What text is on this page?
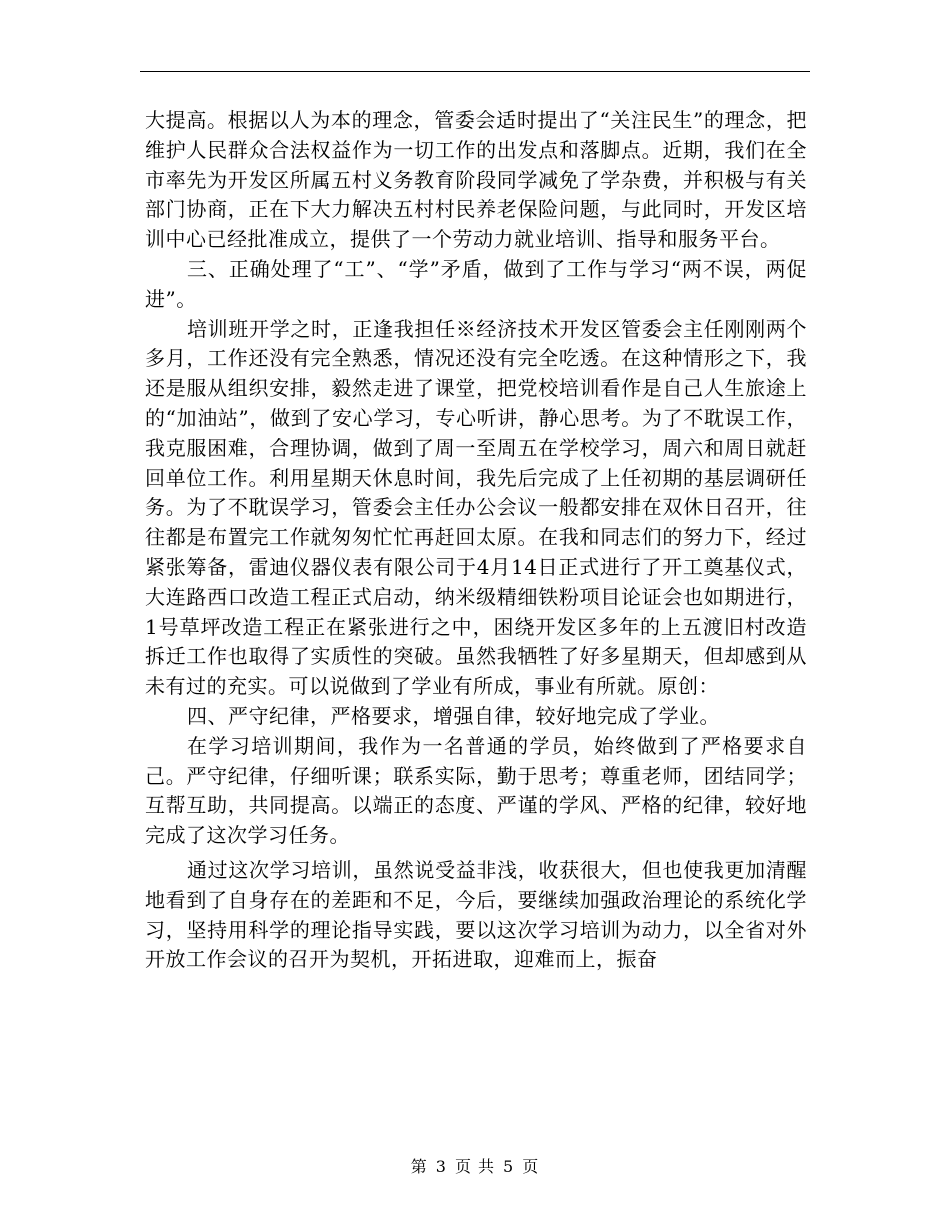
大提高。根据以人为本的理念，管委会适时提出了“关注民生”的理念，把维护人民群众合法权益作为一切工作的出发点和落脚点。近期，我们在全市率先为开发区所属五村义务教育阶段同学减免了学杂费，并积极与有关部门协商，正在下大力解决五村村民养老保险问题，与此同时，开发区培训中心已经批准成立，提供了一个劳动力就业培训、指导和服务平台。

三、正确处理了“工”、“学”矛盾，做到了工作与学习“两不误，两促进”。

培训班开学之时，正逢我担任※经济技术开发区管委会主任刚刚两个多月，工作还没有完全熟悉，情况还没有完全吃透。在这种情形之下，我还是服从组织安排，毅然走进了课堂，把党校培训看作是自己人生旅途上的“加油站”，做到了安心学习，专心听讲，静心思考。为了不耽误工作，我克服困难，合理协调，做到了周一至周五在学校学习，周六和周日就赶回单位工作。利用星期天休息时间，我先后完成了上任初期的基层调研任务。为了不耽误学习，管委会主任办公会议一般都安排在双休日召开，往往都是布置完工作就匆匆忙忙再赶回太原。在我和同志们的努力下，经过紧张筹备，雷迪仪器仪表有限公司于4月14日正式进行了开工奠基仪式，大连路西口改造工程正式启动，纳米级精细铁粉项目论证会也如期进行，1号草坪改造工程正在紧张进行之中，困绕开发区多年的上五渡旧村改造拆迁工作也取得了实质性的突破。虽然我牺牲了好多星期天，但却感到从未有过的充实。可以说做到了学业有所成，事业有所就。原创：

四、严守纪律，严格要求，增强自律，较好地完成了学业。

在学习培训期间，我作为一名普通的学员，始终做到了严格要求自己。严守纪律，仔细听课；联系实际，勤于思考；尊重老师，团结同学；互帮互助，共同提高。以端正的态度、严谨的学风、严格的纪律，较好地完成了这次学习任务。

通过这次学习培训，虽然说受益非浅，收获很大，但也使我更加清醒地看到了自身存在的差距和不足，今后，要继续加强政治理论的系统化学习，坚持用科学的理论指导实践，要以这次学习培训为动力，以全省对外开放工作会议的召开为契机，开拓进取，迎难而上，振奋

第 3 页 共 5 页
